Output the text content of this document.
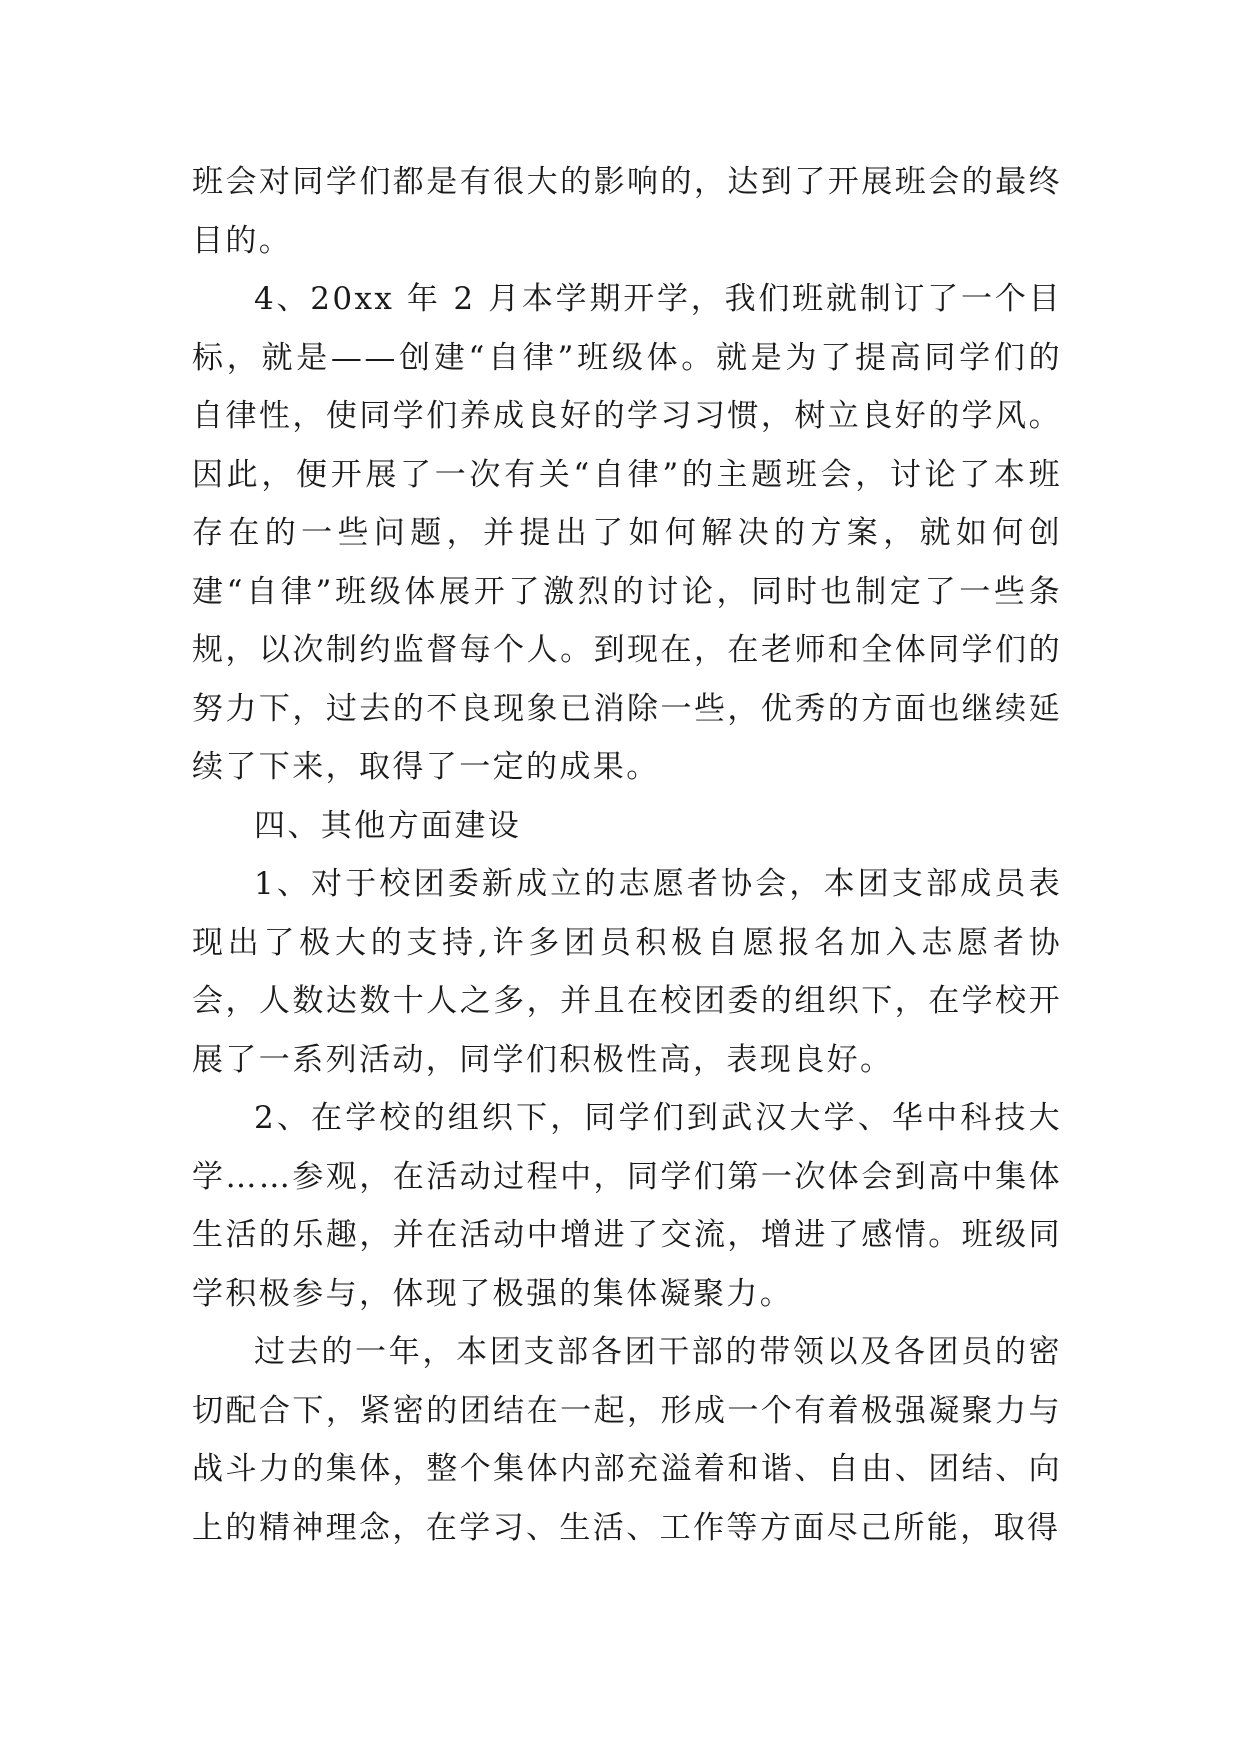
班会对同学们都是有很大的影响的，达到了开展班会的最终目的。

4、20xx 年 2 月本学期开学，我们班就制订了一个目标，就是——创建“自律”班级体。就是为了提高同学们的自律性，使同学们养成良好的学习习惯，树立良好的学风。因此，便开展了一次有关“自律”的主题班会，讨论了本班存在的一些问题，并提出了如何解决的方案，就如何创建“自律”班级体展开了激烈的讨论，同时也制定了一些条规，以次制约监督每个人。到现在，在老师和全体同学们的努力下，过去的不良现象已消除一些，优秀的方面也继续延续了下来，取得了一定的成果。

四、其他方面建设

1、对于校团委新成立的志愿者协会，本团支部成员表现出了极大的支持,许多团员积极自愿报名加入志愿者协会，人数达数十人之多，并且在校团委的组织下，在学校开展了一系列活动，同学们积极性高，表现良好。

2、在学校的组织下，同学们到武汉大学、华中科技大学……参观，在活动过程中，同学们第一次体会到高中集体生活的乐趣，并在活动中增进了交流，增进了感情。班级同学积极参与，体现了极强的集体凝聚力。

过去的一年，本团支部各团干部的带领以及各团员的密切配合下，紧密的团结在一起，形成一个有着极强凝聚力与战斗力的集体，整个集体内部充溢着和谐、自由、团结、向上的精神理念，在学习、生活、工作等方面尽己所能，取得
